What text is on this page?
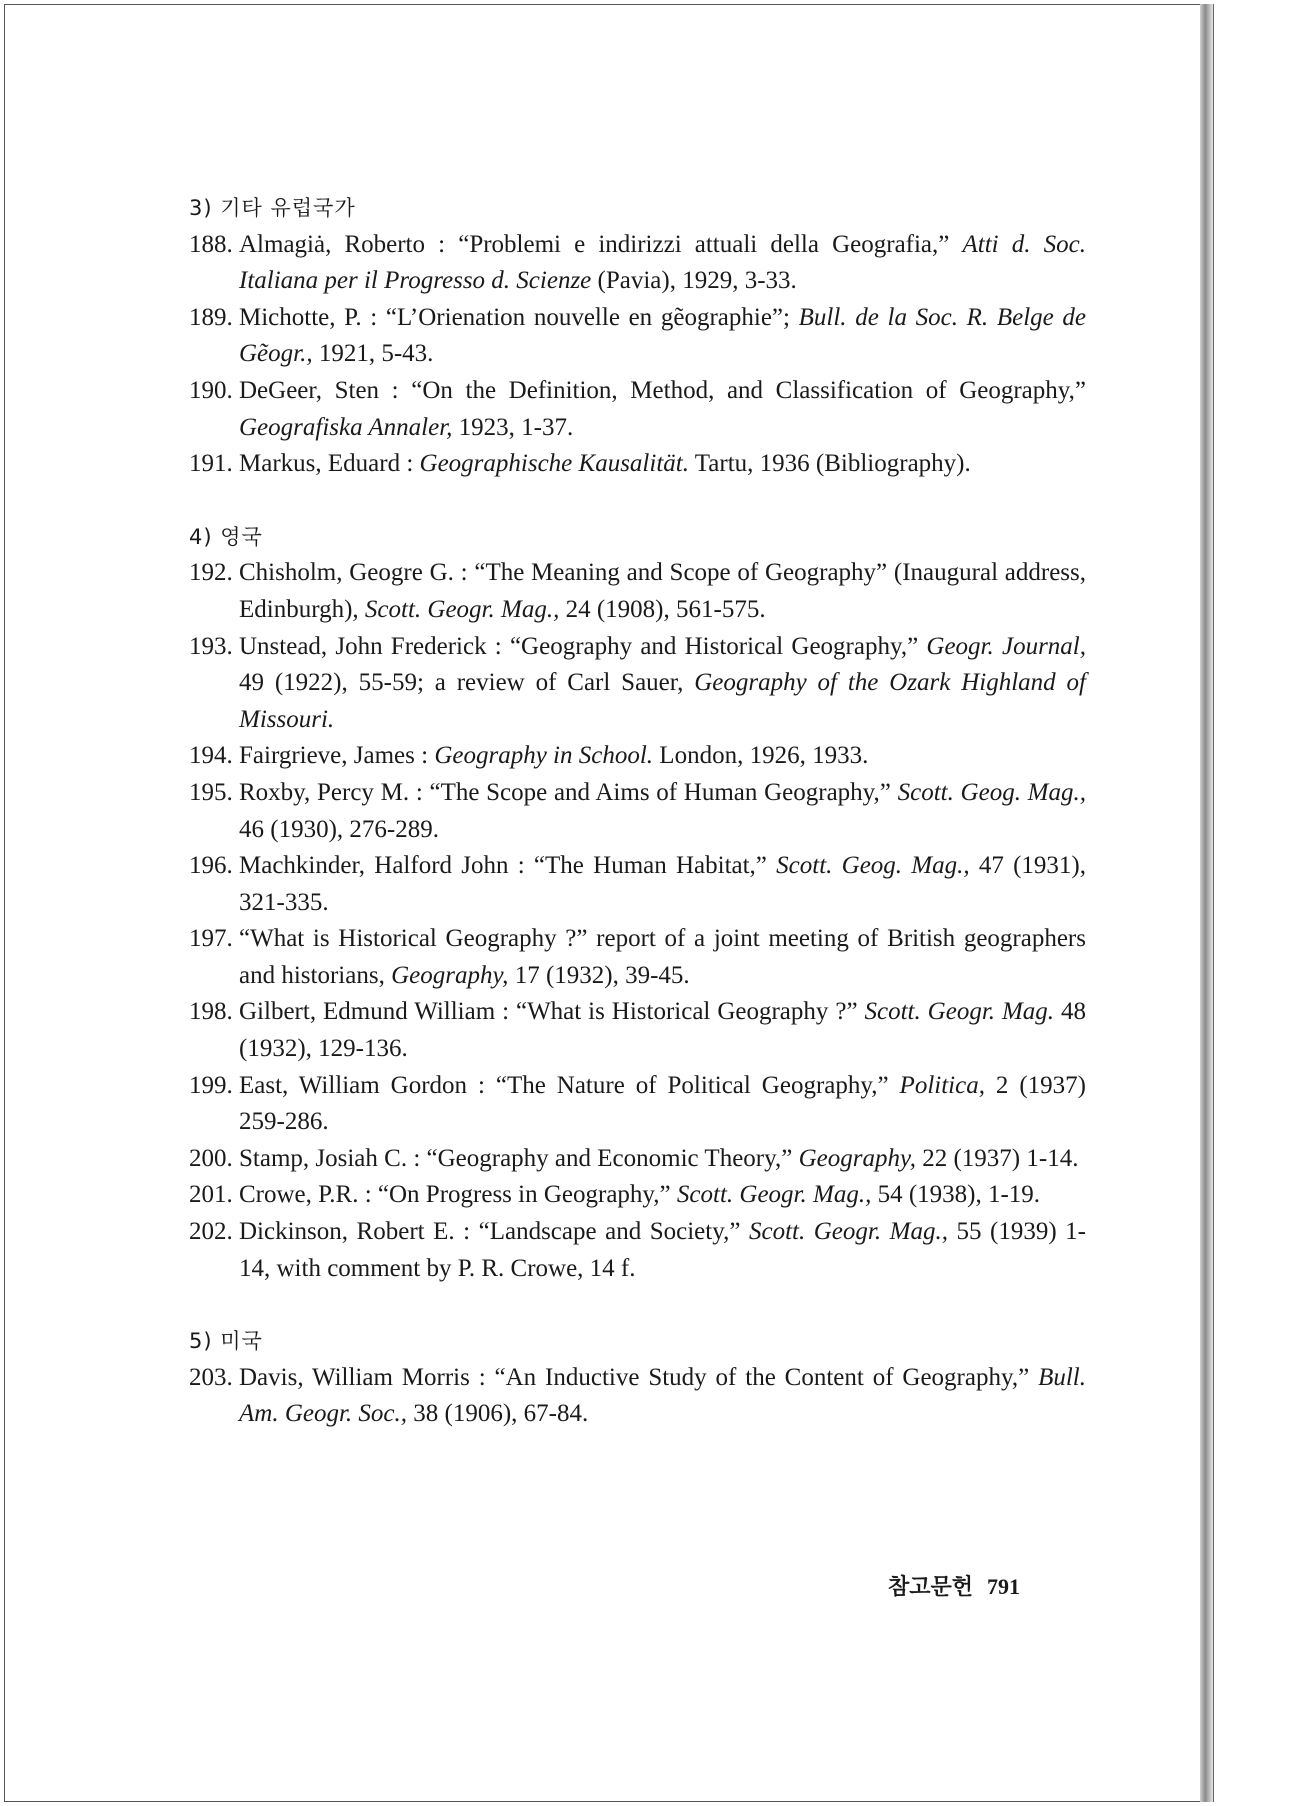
3) 기타 유럽국가
188. Almagiȧ, Roberto : “Problemi e indirizzi attuali della Geografia,” Atti d. Soc. Italiana per il Progresso d. Scienze (Pavia), 1929, 3-33.
189. Michotte, P. : “L’Orienation nouvelle en gẽographie”; Bull. de la Soc. R. Belge de Gẽogr., 1921, 5-43.
190. DeGeer, Sten : “On the Definition, Method, and Classification of Geography,” Geografiska Annaler, 1923, 1-37.
191. Markus, Eduard : Geographische Kausalität. Tartu, 1936 (Bibliography).
4) 영국
192. Chisholm, Geogre G. : “The Meaning and Scope of Geography” (Inaugural address, Edinburgh), Scott. Geogr. Mag., 24 (1908), 561-575.
193. Unstead, John Frederick : “Geography and Historical Geography,” Geogr. Journal, 49 (1922), 55-59; a review of Carl Sauer, Geography of the Ozark Highland of Missouri.
194. Fairgrieve, James : Geography in School. London, 1926, 1933.
195. Roxby, Percy M. : “The Scope and Aims of Human Geography,” Scott. Geog. Mag., 46 (1930), 276-289.
196. Machkinder, Halford John : “The Human Habitat,” Scott. Geog. Mag., 47 (1931), 321-335.
197. “What is Historical Geography ?” report of a joint meeting of British geographers and historians, Geography, 17 (1932), 39-45.
198. Gilbert, Edmund William : “What is Historical Geography ?” Scott. Geogr. Mag. 48 (1932), 129-136.
199. East, William Gordon : “The Nature of Political Geography,” Politica, 2 (1937) 259-286.
200. Stamp, Josiah C. : “Geography and Economic Theory,” Geography, 22 (1937) 1-14.
201. Crowe, P.R. : “On Progress in Geography,” Scott. Geogr. Mag., 54 (1938), 1-19.
202. Dickinson, Robert E. : “Landscape and Society,” Scott. Geogr. Mag., 55 (1939) 1-14, with comment by P. R. Crowe, 14 f.
5) 미국
203. Davis, William Morris : “An Inductive Study of the Content of Geography,” Bull. Am. Geogr. Soc., 38 (1906), 67-84.
참고문헌 791
